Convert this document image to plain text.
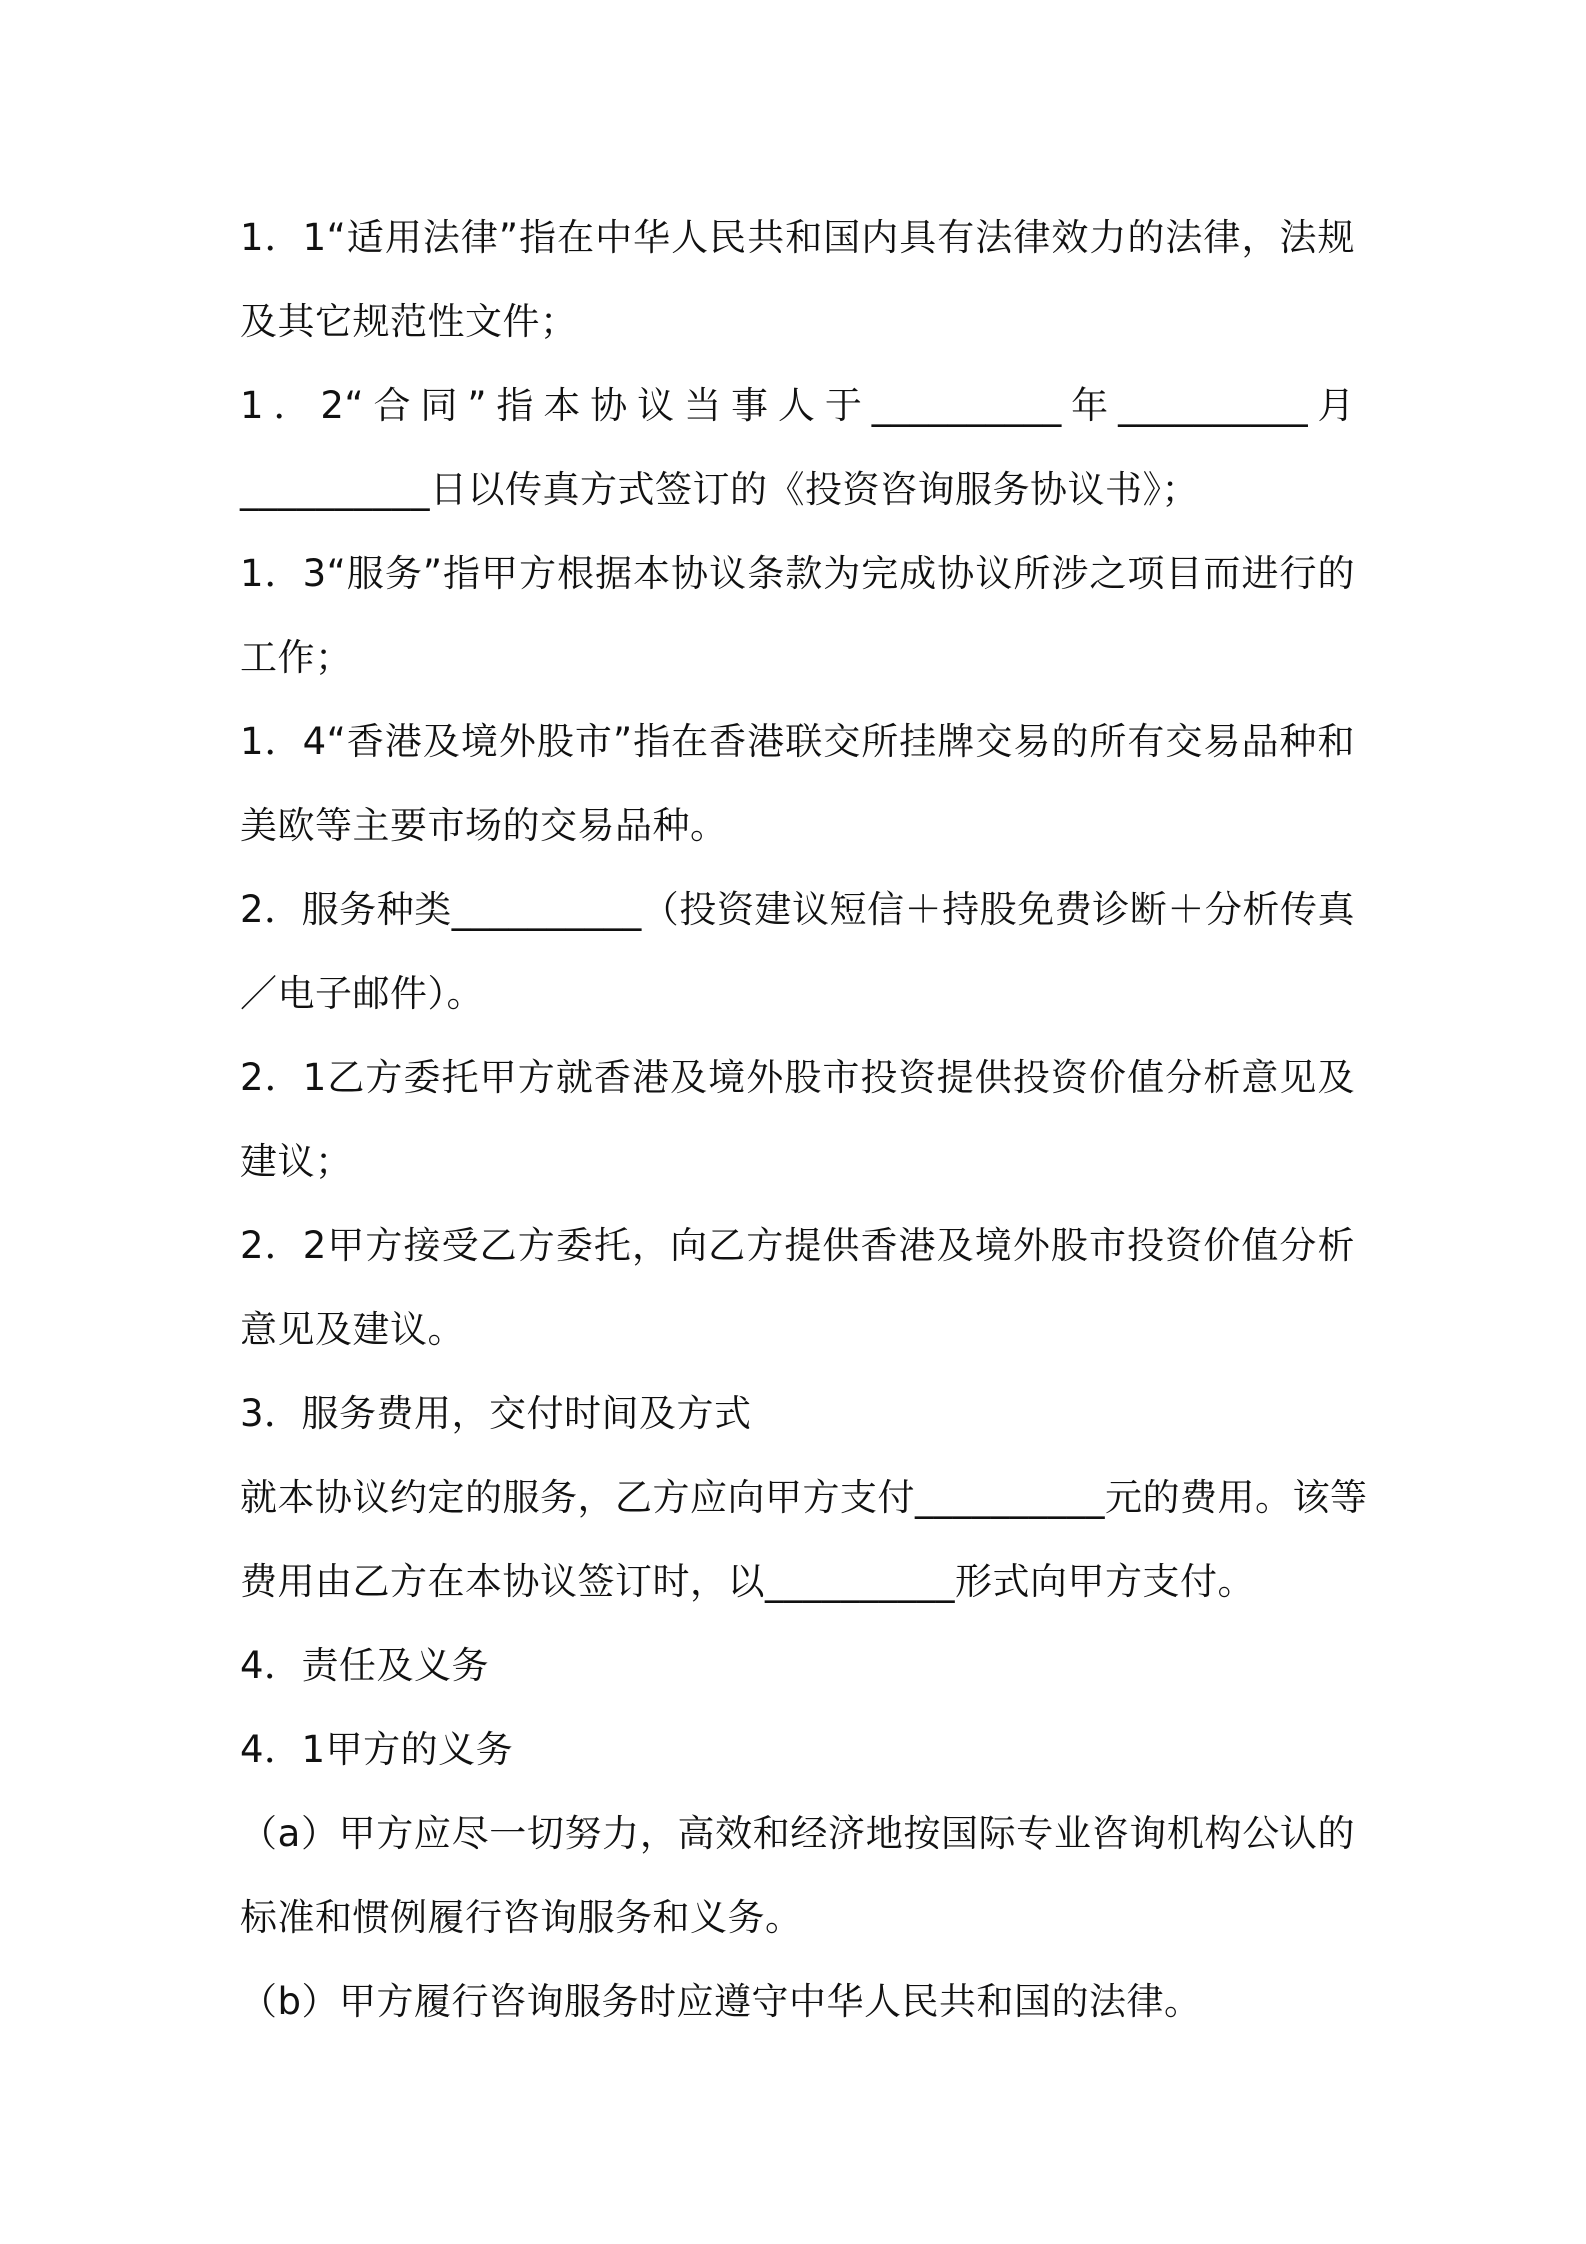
1．1“适用法律”指在中华人民共和国内具有法律效力的法律，法规
及其它规范性文件；
1．2“合同”指本协议当事人于__________年__________月
__________日以传真方式签订的《投资咨询服务协议书》；
1．3“服务”指甲方根据本协议条款为完成协议所涉之项目而进行的
工作；
1．4“香港及境外股市”指在香港联交所挂牌交易的所有交易品种和
美欧等主要市场的交易品种。
2．服务种类__________（投资建议短信＋持股免费诊断＋分析传真
／电子邮件）。
2．1乙方委托甲方就香港及境外股市投资提供投资价值分析意见及
建议；
2．2甲方接受乙方委托，向乙方提供香港及境外股市投资价值分析
意见及建议。
3．服务费用，交付时间及方式
就本协议约定的服务，乙方应向甲方支付__________元的费用。该等
费用由乙方在本协议签订时，以__________形式向甲方支付。
4．责任及义务
4．1甲方的义务
（a）甲方应尽一切努力，高效和经济地按国际专业咨询机构公认的
标准和惯例履行咨询服务和义务。
（b）甲方履行咨询服务时应遵守中华人民共和国的法律。
